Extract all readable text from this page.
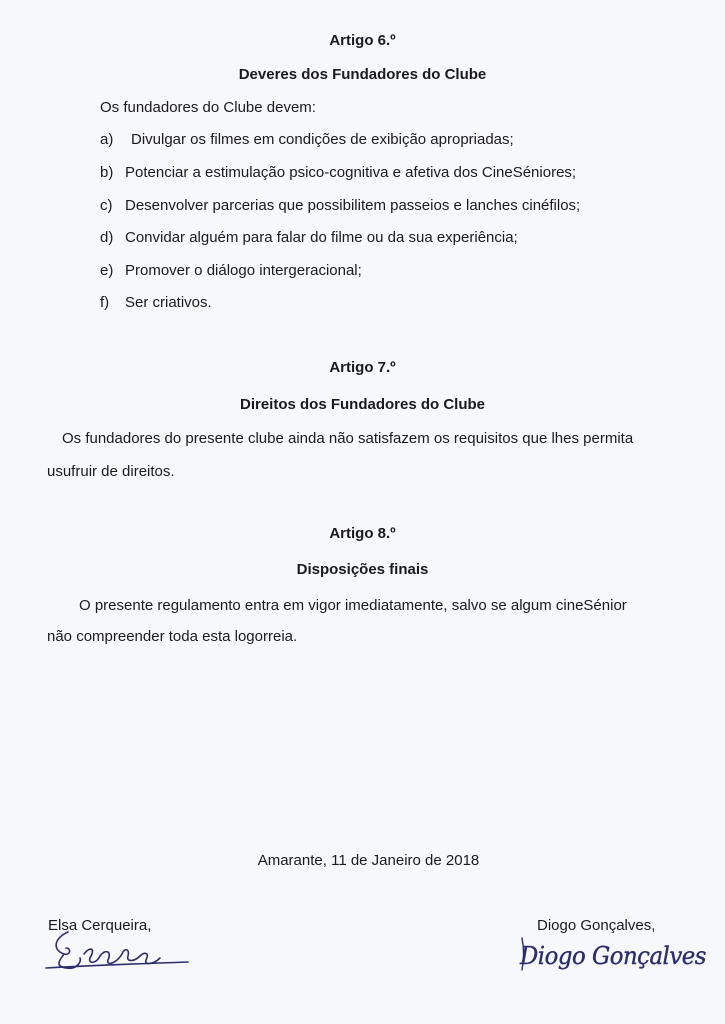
Artigo 6.º
Deveres dos Fundadores do Clube
Os fundadores do Clube devem:
a) Divulgar os filmes em condições de exibição apropriadas;
b) Potenciar a estimulação psico-cognitiva e afetiva dos CineSéniores;
c) Desenvolver parcerias que possibilitem passeios e lanches cinéfilos;
d) Convidar alguém para falar do filme ou da sua experiência;
e) Promover o diálogo intergeracional;
f) Ser criativos.
Artigo 7.º
Direitos dos Fundadores do Clube
Os fundadores do presente clube ainda não satisfazem os requisitos que lhes permita
usufruir de direitos.
Artigo 8.º
Disposições finais
O presente regulamento entra em vigor imediatamente, salvo se algum cineSénior
não compreender toda esta logorreia.
Amarante, 11 de Janeiro de 2018
Elsa Cerqueira,	Diogo Gonçalves,
Diogo Gonçalves
